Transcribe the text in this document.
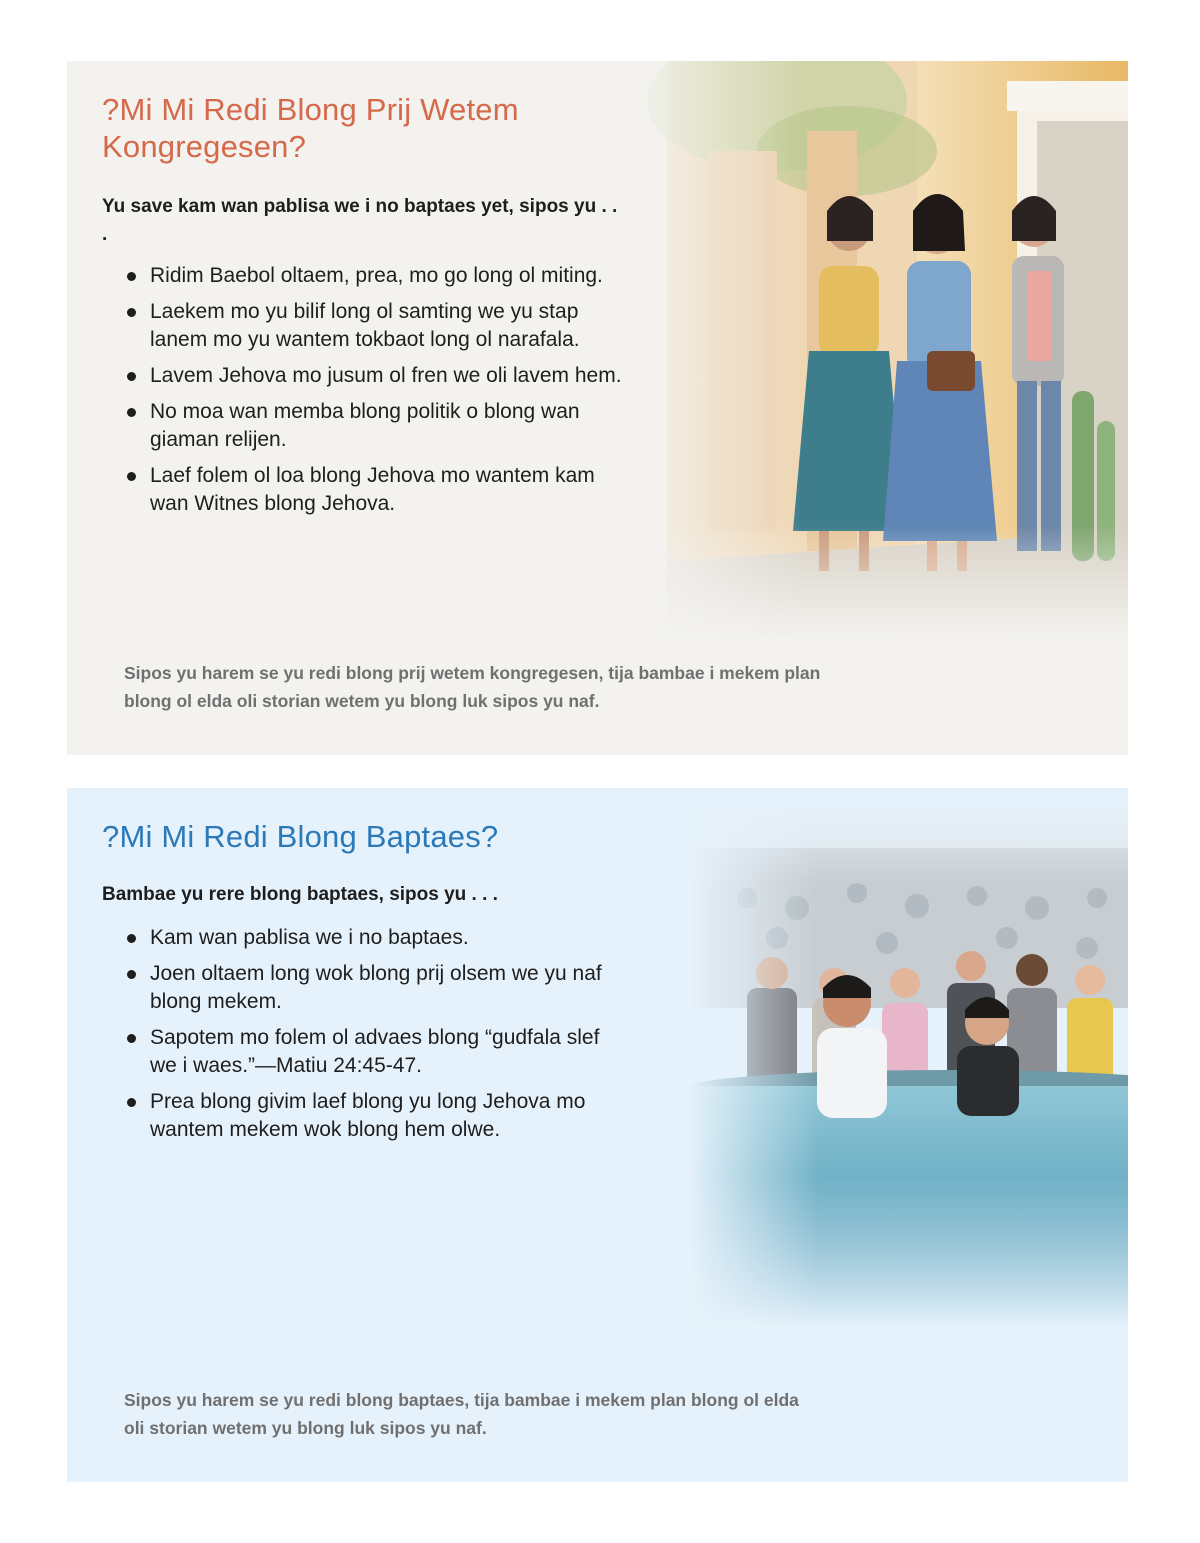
?Mi Mi Redi Blong Prij Wetem Kongregesen?

Yu save kam wan pablisa we i no baptaes yet, sipos yu . . .

Ridim Baebol oltaem, prea, mo go long ol miting.
Laekem mo yu bilif long ol samting we yu stap lanem mo yu wantem tokbaot long ol narafala.
Lavem Jehova mo jusum ol fren we oli lavem hem.
No moa wan memba blong politik o blong wan giaman relijen.
Laef folem ol loa blong Jehova mo wantem kam wan Witnes blong Jehova.

Sipos yu harem se yu redi blong prij wetem kongregesen, tija bambae i mekem plan blong ol elda oli storian wetem yu blong luk sipos yu naf.

?Mi Mi Redi Blong Baptaes?

Bambae yu rere blong baptaes, sipos yu . . .

Kam wan pablisa we i no baptaes.
Joen oltaem long wok blong prij olsem we yu naf blong mekem.
Sapotem mo folem ol advaes blong “gudfala slef we i waes.”—Matiu 24:45-47.
Prea blong givim laef blong yu long Jehova mo wantem mekem wok blong hem olwe.

Sipos yu harem se yu redi blong baptaes, tija bambae i mekem plan blong ol elda oli storian wetem yu blong luk sipos yu naf.
